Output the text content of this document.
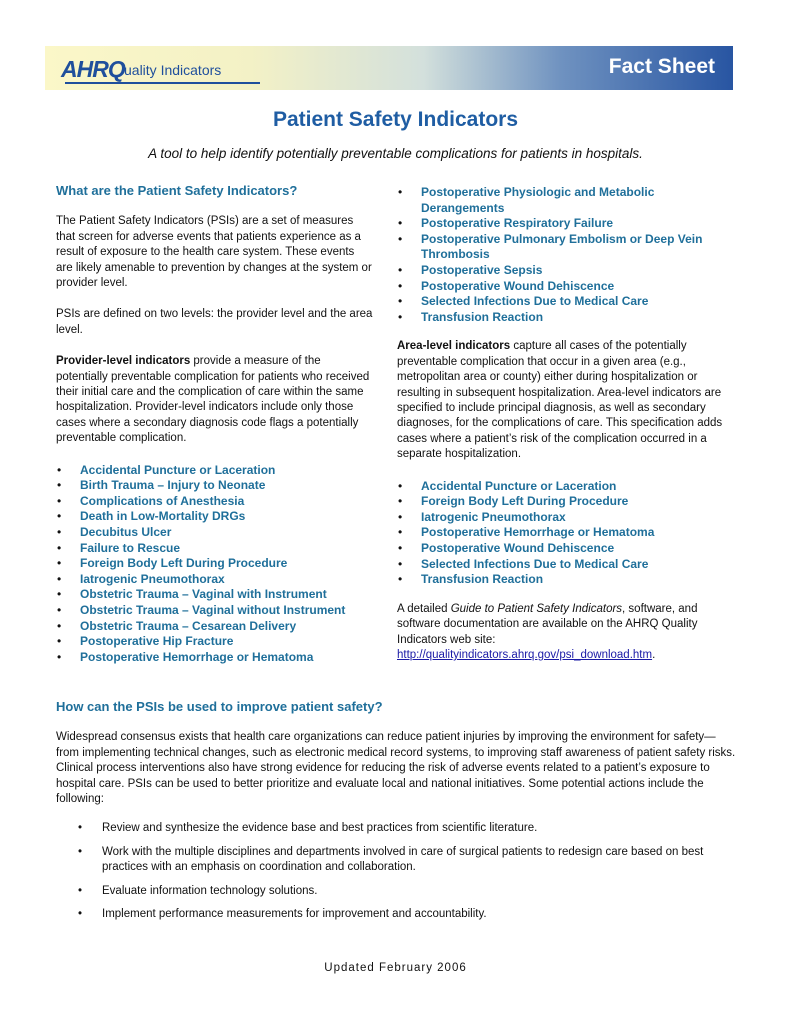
AHRQ uality Indicators	Fact Sheet
Patient Safety Indicators
A tool to help identify potentially preventable complications for patients in hospitals.
What are the Patient Safety Indicators?

The Patient Safety Indicators (PSIs) are a set of measures that screen for adverse events that patients experience as a result of exposure to the health care system. These events are likely amenable to prevention by changes at the system or provider level.

PSIs are defined on two levels: the provider level and the area level.

Provider-level indicators provide a measure of the potentially preventable complication for patients who received their initial care and the complication of care within the same hospitalization. Provider-level indicators include only those cases where a secondary diagnosis code flags a potentially preventable complication.

• Accidental Puncture or Laceration
• Birth Trauma – Injury to Neonate
• Complications of Anesthesia
• Death in Low-Mortality DRGs
• Decubitus Ulcer
• Failure to Rescue
• Foreign Body Left During Procedure
• Iatrogenic Pneumothorax
• Obstetric Trauma – Vaginal with Instrument
• Obstetric Trauma – Vaginal without Instrument
• Obstetric Trauma – Cesarean Delivery
• Postoperative Hip Fracture
• Postoperative Hemorrhage or Hematoma
• Postoperative Physiologic and Metabolic Derangements
• Postoperative Respiratory Failure
• Postoperative Pulmonary Embolism or Deep Vein Thrombosis
• Postoperative Sepsis
• Postoperative Wound Dehiscence
• Selected Infections Due to Medical Care
• Transfusion Reaction

Area-level indicators capture all cases of the potentially preventable complication that occur in a given area (e.g., metropolitan area or county) either during hospitalization or resulting in subsequent hospitalization. Area-level indicators are specified to include principal diagnosis, as well as secondary diagnoses, for the complications of care. This specification adds cases where a patient’s risk of the complication occurred in a separate hospitalization.

• Accidental Puncture or Laceration
• Foreign Body Left During Procedure
• Iatrogenic Pneumothorax
• Postoperative Hemorrhage or Hematoma
• Postoperative Wound Dehiscence
• Selected Infections Due to Medical Care
• Transfusion Reaction

A detailed Guide to Patient Safety Indicators, software, and software documentation are available on the AHRQ Quality Indicators web site:
http://qualityindicators.ahrq.gov/psi_download.htm.

How can the PSIs be used to improve patient safety?

Widespread consensus exists that health care organizations can reduce patient injuries by improving the environment for safety—from implementing technical changes, such as electronic medical record systems, to improving staff awareness of patient safety risks. Clinical process interventions also have strong evidence for reducing the risk of adverse events related to a patient’s exposure to hospital care. PSIs can be used to better prioritize and evaluate local and national initiatives. Some potential actions include the following:

• Review and synthesize the evidence base and best practices from scientific literature.
• Work with the multiple disciplines and departments involved in care of surgical patients to redesign care based on best practices with an emphasis on coordination and collaboration.
• Evaluate information technology solutions.
• Implement performance measurements for improvement and accountability.
Updated February 2006
